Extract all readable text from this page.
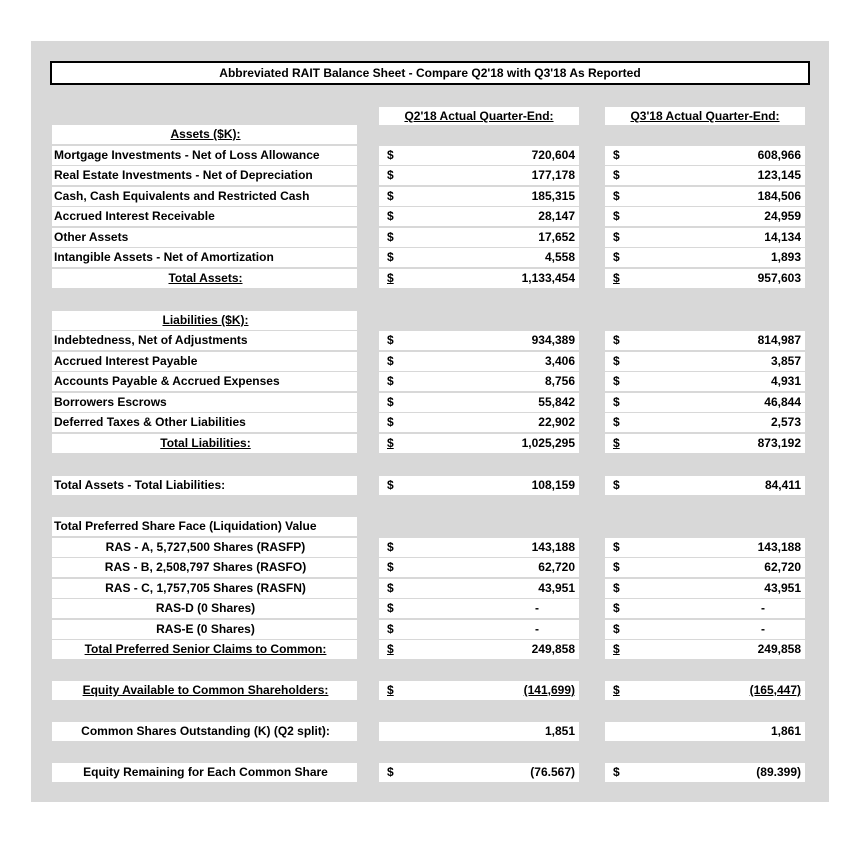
Abbreviated RAIT Balance Sheet - Compare Q2'18 with Q3'18 As Reported
Q2'18 Actual Quarter-End:	Q3'18 Actual Quarter-End:
Assets ($K):
Mortgage Investments - Net of Loss Allowance	$	720,604	$	608,966
Real Estate Investments - Net of Depreciation	$	177,178	$	123,145
Cash, Cash Equivalents and Restricted Cash	$	185,315	$	184,506
Accrued Interest Receivable	$	28,147	$	24,959
Other Assets	$	17,652	$	14,134
Intangible Assets - Net of Amortization	$	4,558	$	1,893
Total Assets:	$	1,133,454	$	957,603
Liabilities ($K):
Indebtedness, Net of Adjustments	$	934,389	$	814,987
Accrued Interest Payable	$	3,406	$	3,857
Accounts Payable & Accrued Expenses	$	8,756	$	4,931
Borrowers Escrows	$	55,842	$	46,844
Deferred Taxes & Other Liabilities	$	22,902	$	2,573
Total Liabilities:	$	1,025,295	$	873,192
Total Assets - Total Liabilities:	$	108,159	$	84,411
Total Preferred Share Face (Liquidation) Value
RAS - A, 5,727,500 Shares (RASFP)	$	143,188	$	143,188
RAS - B, 2,508,797 Shares (RASFO)	$	62,720	$	62,720
RAS - C, 1,757,705 Shares (RASFN)	$	43,951	$	43,951
RAS-D (0 Shares)	$	-	$	-
RAS-E (0 Shares)	$	-	$	-
Total Preferred Senior Claims to Common:	$	249,858	$	249,858
Equity Available to Common Shareholders:	$	(141,699)	$	(165,447)
Common Shares Outstanding (K) (Q2 split):	1,851	1,861
Equity Remaining for Each Common Share	$	(76.567)	$	(89.399)
